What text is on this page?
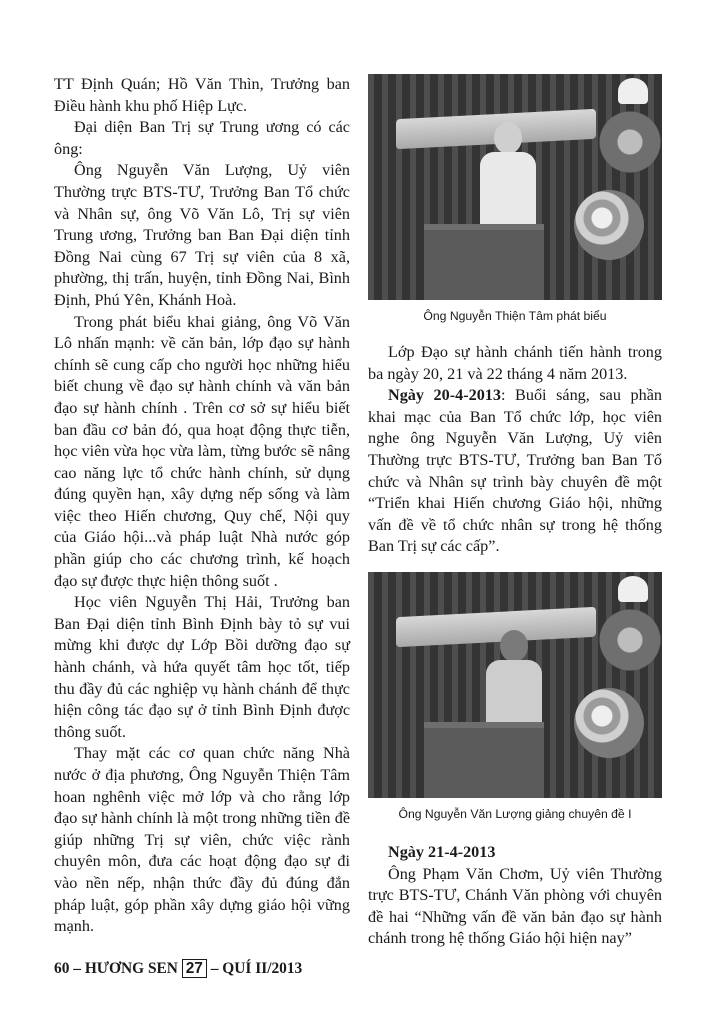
TT Định Quán; Hồ Văn Thìn, Trưởng ban Điều hành khu phố Hiệp Lực.

Đại diện Ban Trị sự Trung ương có các ông:

Ông Nguyễn Văn Lượng, Uỷ viên Thường trực BTS-TƯ, Trưởng Ban Tổ chức và Nhân sự, ông Võ Văn Lô, Trị sự viên Trung ương, Trưởng ban Ban Đại diện tỉnh Đồng Nai cùng 67 Trị sự viên của 8 xã, phường, thị trấn, huyện, tỉnh Đồng Nai, Bình Định, Phú Yên, Khánh Hoà.

Trong phát biểu khai giảng, ông Võ Văn Lô nhấn mạnh: về căn bản, lớp đạo sự hành chính sẽ cung cấp cho người học những hiểu biết chung về đạo sự hành chính và văn bản đạo sự hành chính . Trên cơ sở sự hiểu biết ban đầu cơ bản đó, qua hoạt động thực tiễn, học viên vừa học vừa làm, từng bước sẽ nâng cao năng lực tổ chức hành chính, sử dụng đúng quyền hạn, xây dựng nếp sống và làm việc theo Hiến chương, Quy chế, Nội quy của Giáo hội...và pháp luật Nhà nước góp phần giúp cho các chương trình, kế hoạch đạo sự được thực hiện thông suốt .

Học viên Nguyễn Thị Hải, Trưởng ban Ban Đại diện tỉnh Bình Định bày tỏ sự vui mừng khi được dự Lớp Bồi dưỡng đạo sự hành chánh, và hứa quyết tâm học tốt, tiếp thu đầy đủ các nghiệp vụ hành chánh để thực hiện công tác đạo sự ở tỉnh Bình Định được thông suốt.

Thay mặt các cơ quan chức năng Nhà nước ở địa phương, Ông Nguyễn Thiện Tâm hoan nghênh việc mở lớp và cho rằng lớp đạo sự hành chính là một trong những tiền đề giúp những Trị sự viên, chức việc rành chuyên môn, đưa các hoạt động đạo sự đi vào nền nếp, nhận thức đầy đủ đúng đắn pháp luật, góp phần xây dựng giáo hội vững mạnh.

Ông Nguyễn Thiện Tâm phát biểu

Lớp Đạo sự hành chánh tiến hành trong ba ngày 20, 21 và 22 tháng 4 năm 2013.

Ngày 20-4-2013: Buổi sáng, sau phần khai mạc của Ban Tổ chức lớp, học viên nghe ông Nguyễn Văn Lượng, Uỷ viên Thường trực BTS-TƯ, Trưởng ban Ban Tổ chức và Nhân sự trình bày chuyên đề một “Triển khai Hiến chương Giáo hội, những vấn đề về tổ chức nhân sự trong hệ thống Ban Trị sự các cấp”.

Ông Nguyễn Văn Lượng giảng chuyên đề I

Ngày 21-4-2013

Ông Phạm Văn Chơm, Uỷ viên Thường trực BTS-TƯ, Chánh Văn phòng với chuyên đề hai “Những vấn đề văn bản đạo sự hành chánh trong hệ thống Giáo hội hiện nay”

60 – HƯƠNG SEN 27 – QUÍ II/2013
